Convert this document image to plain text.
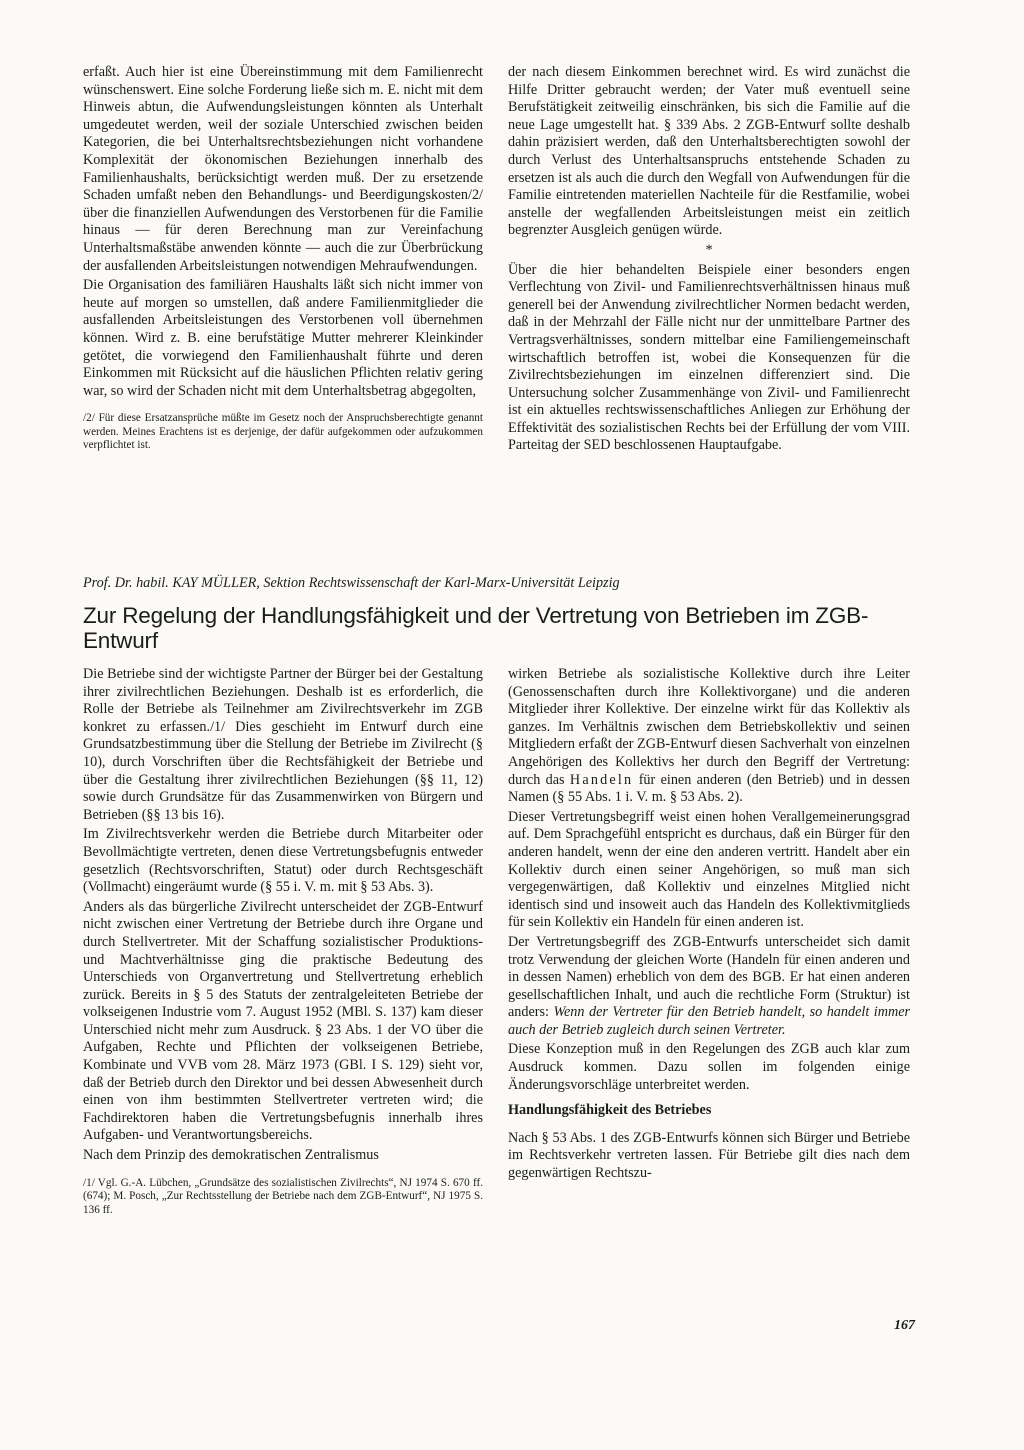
erfaßt. Auch hier ist eine Übereinstimmung mit dem Familienrecht wünschenswert. Eine solche Forderung ließe sich m. E. nicht mit dem Hinweis abtun, die Aufwendungsleistungen könnten als Unterhalt umgedeutet werden, weil der soziale Unterschied zwischen beiden Kategorien, die bei Unterhaltsrechtsbeziehungen nicht vorhandene Komplexität der ökonomischen Beziehungen innerhalb des Familienhaushalts, berücksichtigt werden muß. Der zu ersetzende Schaden umfaßt neben den Behandlungs- und Beerdigungskosten/2/ über die finanziellen Aufwendungen des Verstorbenen für die Familie hinaus — für deren Berechnung man zur Vereinfachung Unterhaltsmaßstäbe anwenden könnte — auch die zur Überbrückung der ausfallenden Arbeitsleistungen notwendigen Mehraufwendungen.

Die Organisation des familiären Haushalts läßt sich nicht immer von heute auf morgen so umstellen, daß andere Familienmitglieder die ausfallenden Arbeitsleistungen des Verstorbenen voll übernehmen können. Wird z. B. eine berufstätige Mutter mehrerer Kleinkinder getötet, die vorwiegend den Familienhaushalt führte und deren Einkommen mit Rücksicht auf die häuslichen Pflichten relativ gering war, so wird der Schaden nicht mit dem Unterhaltsbetrag abgegolten,

/2/ Für diese Ersatzansprüche müßte im Gesetz noch der Anspruchsberechtigte genannt werden. Meines Erachtens ist es derjenige, der dafür aufgekommen oder aufzukommen verpflichtet ist.

der nach diesem Einkommen berechnet wird. Es wird zunächst die Hilfe Dritter gebraucht werden; der Vater muß eventuell seine Berufstätigkeit zeitweilig einschränken, bis sich die Familie auf die neue Lage umgestellt hat. § 339 Abs. 2 ZGB-Entwurf sollte deshalb dahin präzisiert werden, daß den Unterhaltsberechtigten sowohl der durch Verlust des Unterhaltsanspruchs entstehende Schaden zu ersetzen ist als auch die durch den Wegfall von Aufwendungen für die Familie eintretenden materiellen Nachteile für die Restfamilie, wobei anstelle der wegfallenden Arbeitsleistungen meist ein zeitlich begrenzter Ausgleich genügen würde.

*

Über die hier behandelten Beispiele einer besonders engen Verflechtung von Zivil- und Familienrechtsverhältnissen hinaus muß generell bei der Anwendung zivilrechtlicher Normen bedacht werden, daß in der Mehrzahl der Fälle nicht nur der unmittelbare Partner des Vertragsverhältnisses, sondern mittelbar eine Familiengemeinschaft wirtschaftlich betroffen ist, wobei die Konsequenzen für die Zivilrechtsbeziehungen im einzelnen differenziert sind. Die Untersuchung solcher Zusammenhänge von Zivil- und Familienrecht ist ein aktuelles rechtswissenschaftliches Anliegen zur Erhöhung der Effektivität des sozialistischen Rechts bei der Erfüllung der vom VIII. Parteitag der SED beschlossenen Hauptaufgabe.

Prof. Dr. habil. KAY MÜLLER, Sektion Rechtswissenschaft der Karl-Marx-Universität Leipzig
Zur Regelung der Handlungsfähigkeit und der Vertretung von Betrieben im ZGB-Entwurf

Die Betriebe sind der wichtigste Partner der Bürger bei der Gestaltung ihrer zivilrechtlichen Beziehungen. Deshalb ist es erforderlich, die Rolle der Betriebe als Teilnehmer am Zivilrechtsverkehr im ZGB konkret zu erfassen./1/ Dies geschieht im Entwurf durch eine Grundsatzbestimmung über die Stellung der Betriebe im Zivilrecht (§ 10), durch Vorschriften über die Rechtsfähigkeit der Betriebe und über die Gestaltung ihrer zivilrechtlichen Beziehungen (§§ 11, 12) sowie durch Grundsätze für das Zusammenwirken von Bürgern und Betrieben (§§ 13 bis 16).

Im Zivilrechtsverkehr werden die Betriebe durch Mitarbeiter oder Bevollmächtigte vertreten, denen diese Vertretungsbefugnis entweder gesetzlich (Rechtsvorschriften, Statut) oder durch Rechtsgeschäft (Vollmacht) eingeräumt wurde (§ 55 i. V. m. mit § 53 Abs. 3).

Anders als das bürgerliche Zivilrecht unterscheidet der ZGB-Entwurf nicht zwischen einer Vertretung der Betriebe durch ihre Organe und durch Stellvertreter. Mit der Schaffung sozialistischer Produktions- und Machtverhältnisse ging die praktische Bedeutung des Unterschieds von Organvertretung und Stellvertretung erheblich zurück. Bereits in § 5 des Statuts der zentralgeleiteten Betriebe der volkseigenen Industrie vom 7. August 1952 (MBl. S. 137) kam dieser Unterschied nicht mehr zum Ausdruck. § 23 Abs. 1 der VO über die Aufgaben, Rechte und Pflichten der volkseigenen Betriebe, Kombinate und VVB vom 28. März 1973 (GBl. I S. 129) sieht vor, daß der Betrieb durch den Direktor und bei dessen Abwesenheit durch einen von ihm bestimmten Stellvertreter vertreten wird; die Fachdirektoren haben die Vertretungsbefugnis innerhalb ihres Aufgaben- und Verantwortungsbereichs.

Nach dem Prinzip des demokratischen Zentralismus

/1/ Vgl. G.-A. Lübchen, „Grundsätze des sozialistischen Zivilrechts“, NJ 1974 S. 670 ff. (674); M. Posch, „Zur Rechtsstellung der Betriebe nach dem ZGB-Entwurf“, NJ 1975 S. 136 ff.

wirken Betriebe als sozialistische Kollektive durch ihre Leiter (Genossenschaften durch ihre Kollektivorgane) und die anderen Mitglieder ihrer Kollektive. Der einzelne wirkt für das Kollektiv als ganzes. Im Verhältnis zwischen dem Betriebskollektiv und seinen Mitgliedern erfaßt der ZGB-Entwurf diesen Sachverhalt von einzelnen Angehörigen des Kollektivs her durch den Begriff der Vertretung: durch das Handeln für einen anderen (den Betrieb) und in dessen Namen (§ 55 Abs. 1 i. V. m. § 53 Abs. 2).

Dieser Vertretungsbegriff weist einen hohen Verallgemeinerungsgrad auf. Dem Sprachgefühl entspricht es durchaus, daß ein Bürger für den anderen handelt, wenn der eine den anderen vertritt. Handelt aber ein Kollektiv durch einen seiner Angehörigen, so muß man sich vergegenwärtigen, daß Kollektiv und einzelnes Mitglied nicht identisch sind und insoweit auch das Handeln des Kollektivmitglieds für sein Kollektiv ein Handeln für einen anderen ist.

Der Vertretungsbegriff des ZGB-Entwurfs unterscheidet sich damit trotz Verwendung der gleichen Worte (Handeln für einen anderen und in dessen Namen) erheblich von dem des BGB. Er hat einen anderen gesellschaftlichen Inhalt, und auch die rechtliche Form (Struktur) ist anders: Wenn der Vertreter für den Betrieb handelt, so handelt immer auch der Betrieb zugleich durch seinen Vertreter.

Diese Konzeption muß in den Regelungen des ZGB auch klar zum Ausdruck kommen. Dazu sollen im folgenden einige Änderungsvorschläge unterbreitet werden.

Handlungsfähigkeit des Betriebes

Nach § 53 Abs. 1 des ZGB-Entwurfs können sich Bürger und Betriebe im Rechtsverkehr vertreten lassen. Für Betriebe gilt dies nach dem gegenwärtigen Rechtszu-

167
